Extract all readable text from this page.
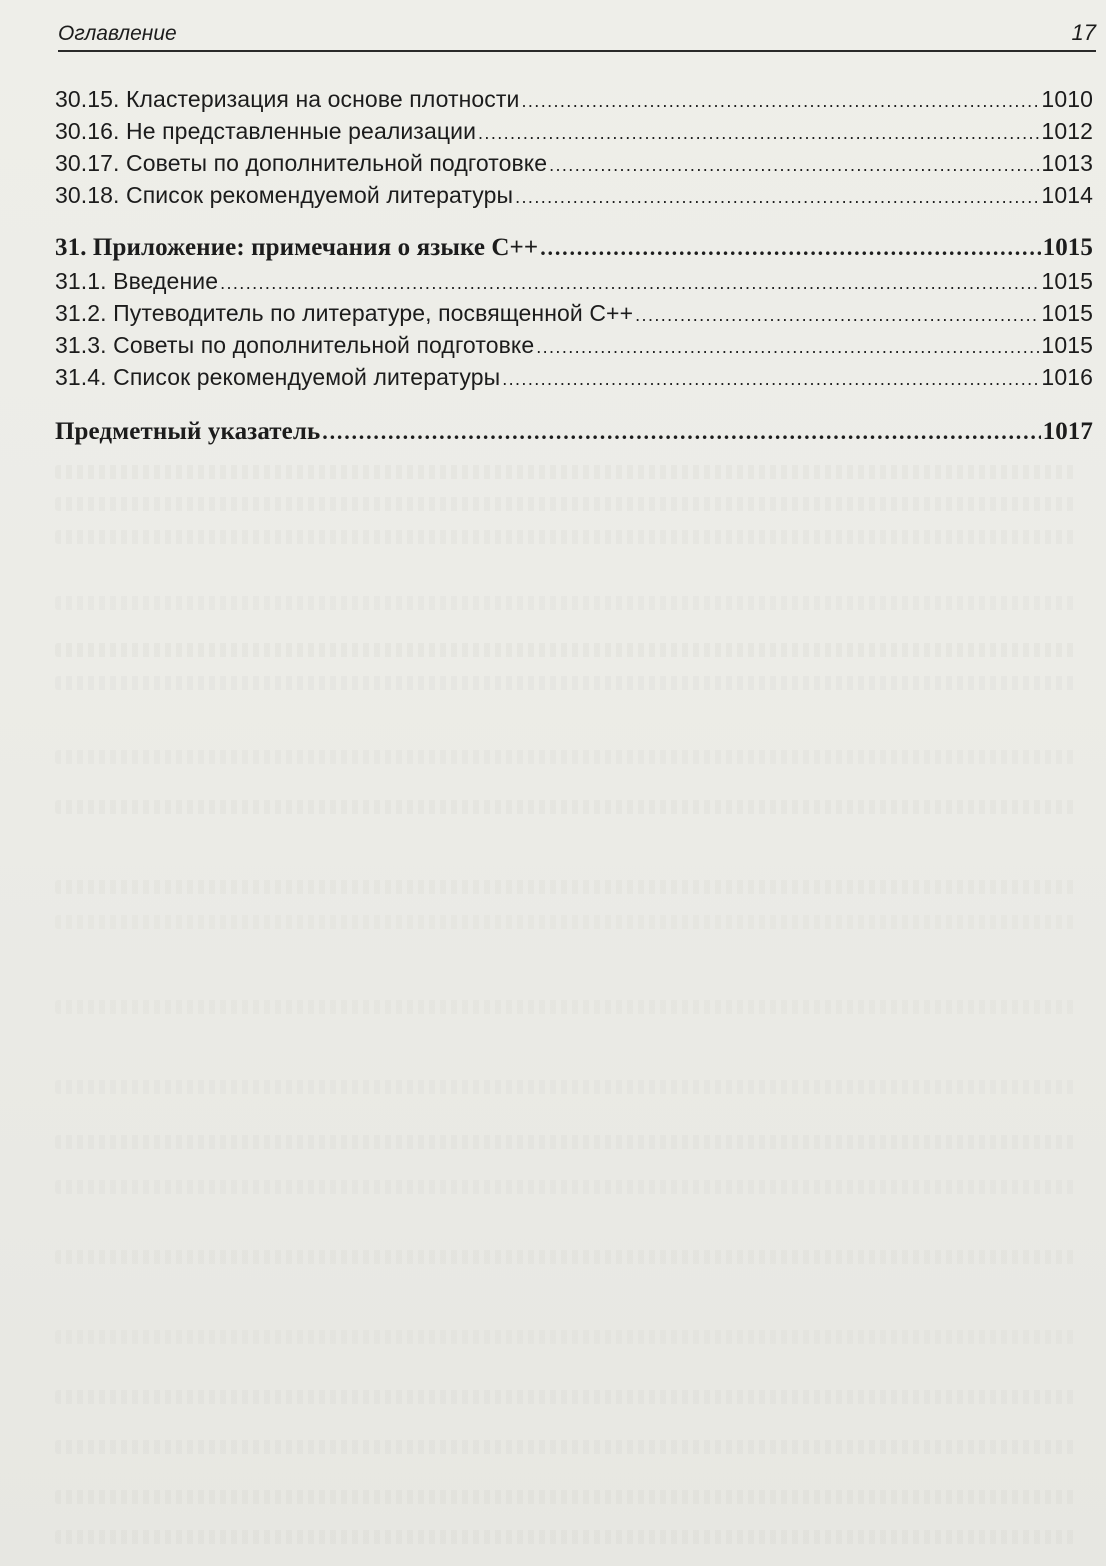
Оглавление	17
30.15. Кластеризация на основе плотности .....	1010
30.16. Не представленные реализации .....	1012
30.17. Советы по дополнительной подготовке .....	1013
30.18. Список рекомендуемой литературы .....	1014
31. Приложение: примечания о языке C++ .....	1015
31.1. Введение .....	1015
31.2. Путеводитель по литературе, посвященной C++ .....	1015
31.3. Советы по дополнительной подготовке .....	1015
31.4. Список рекомендуемой литературы .....	1016
Предметный указатель .....	1017
